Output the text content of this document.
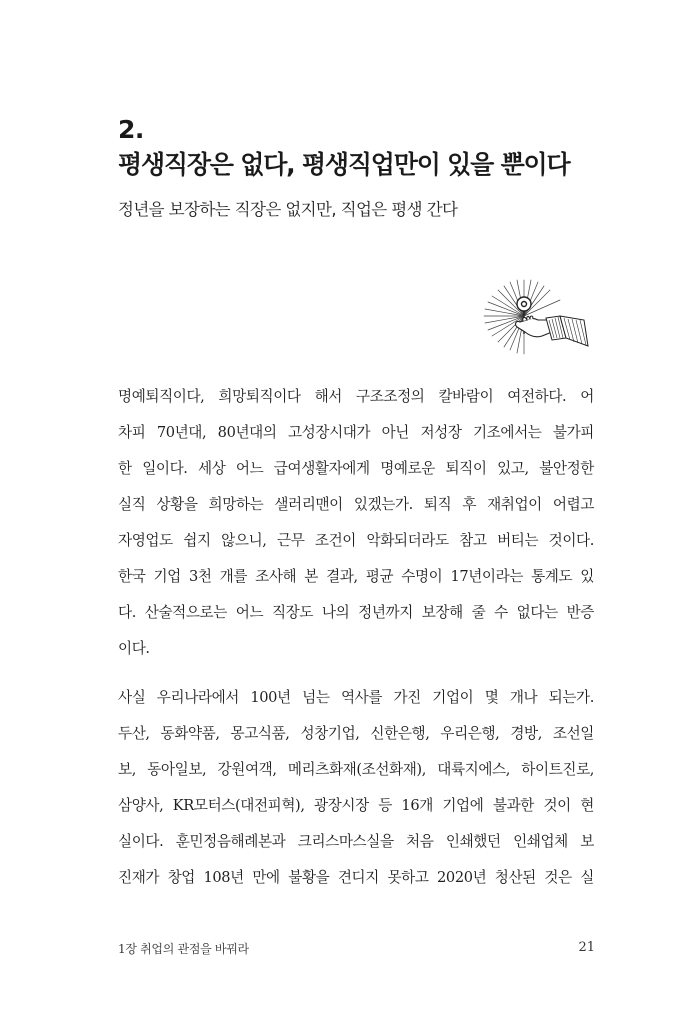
2.
평생직장은 없다, 평생직업만이 있을 뿐이다
정년을 보장하는 직장은 없지만, 직업은 평생 간다
명예퇴직이다, 희망퇴직이다 해서 구조조정의 칼바람이 여전하다. 어
차피 70년대, 80년대의 고성장시대가 아닌 저성장 기조에서는 불가피
한 일이다. 세상 어느 급여생활자에게 명예로운 퇴직이 있고, 불안정한
실직 상황을 희망하는 샐러리맨이 있겠는가. 퇴직 후 재취업이 어렵고
자영업도 쉽지 않으니, 근무 조건이 악화되더라도 참고 버티는 것이다.
한국 기업 3천 개를 조사해 본 결과, 평균 수명이 17년이라는 통계도 있
다. 산술적으로는 어느 직장도 나의 정년까지 보장해 줄 수 없다는 반증
이다.
사실 우리나라에서 100년 넘는 역사를 가진 기업이 몇 개나 되는가.
두산, 동화약품, 몽고식품, 성창기업, 신한은행, 우리은행, 경방, 조선일
보, 동아일보, 강원여객, 메리츠화재(조선화재), 대륙지에스, 하이트진로,
삼양사, KR모터스(대전피혁), 광장시장 등 16개 기업에 불과한 것이 현
실이다. 훈민정음해례본과 크리스마스실을 처음 인쇄했던 인쇄업체 보
진재가 창업 108년 만에 불황을 견디지 못하고 2020년 청산된 것은 실
1장 취업의 관점을 바꿔라	21
